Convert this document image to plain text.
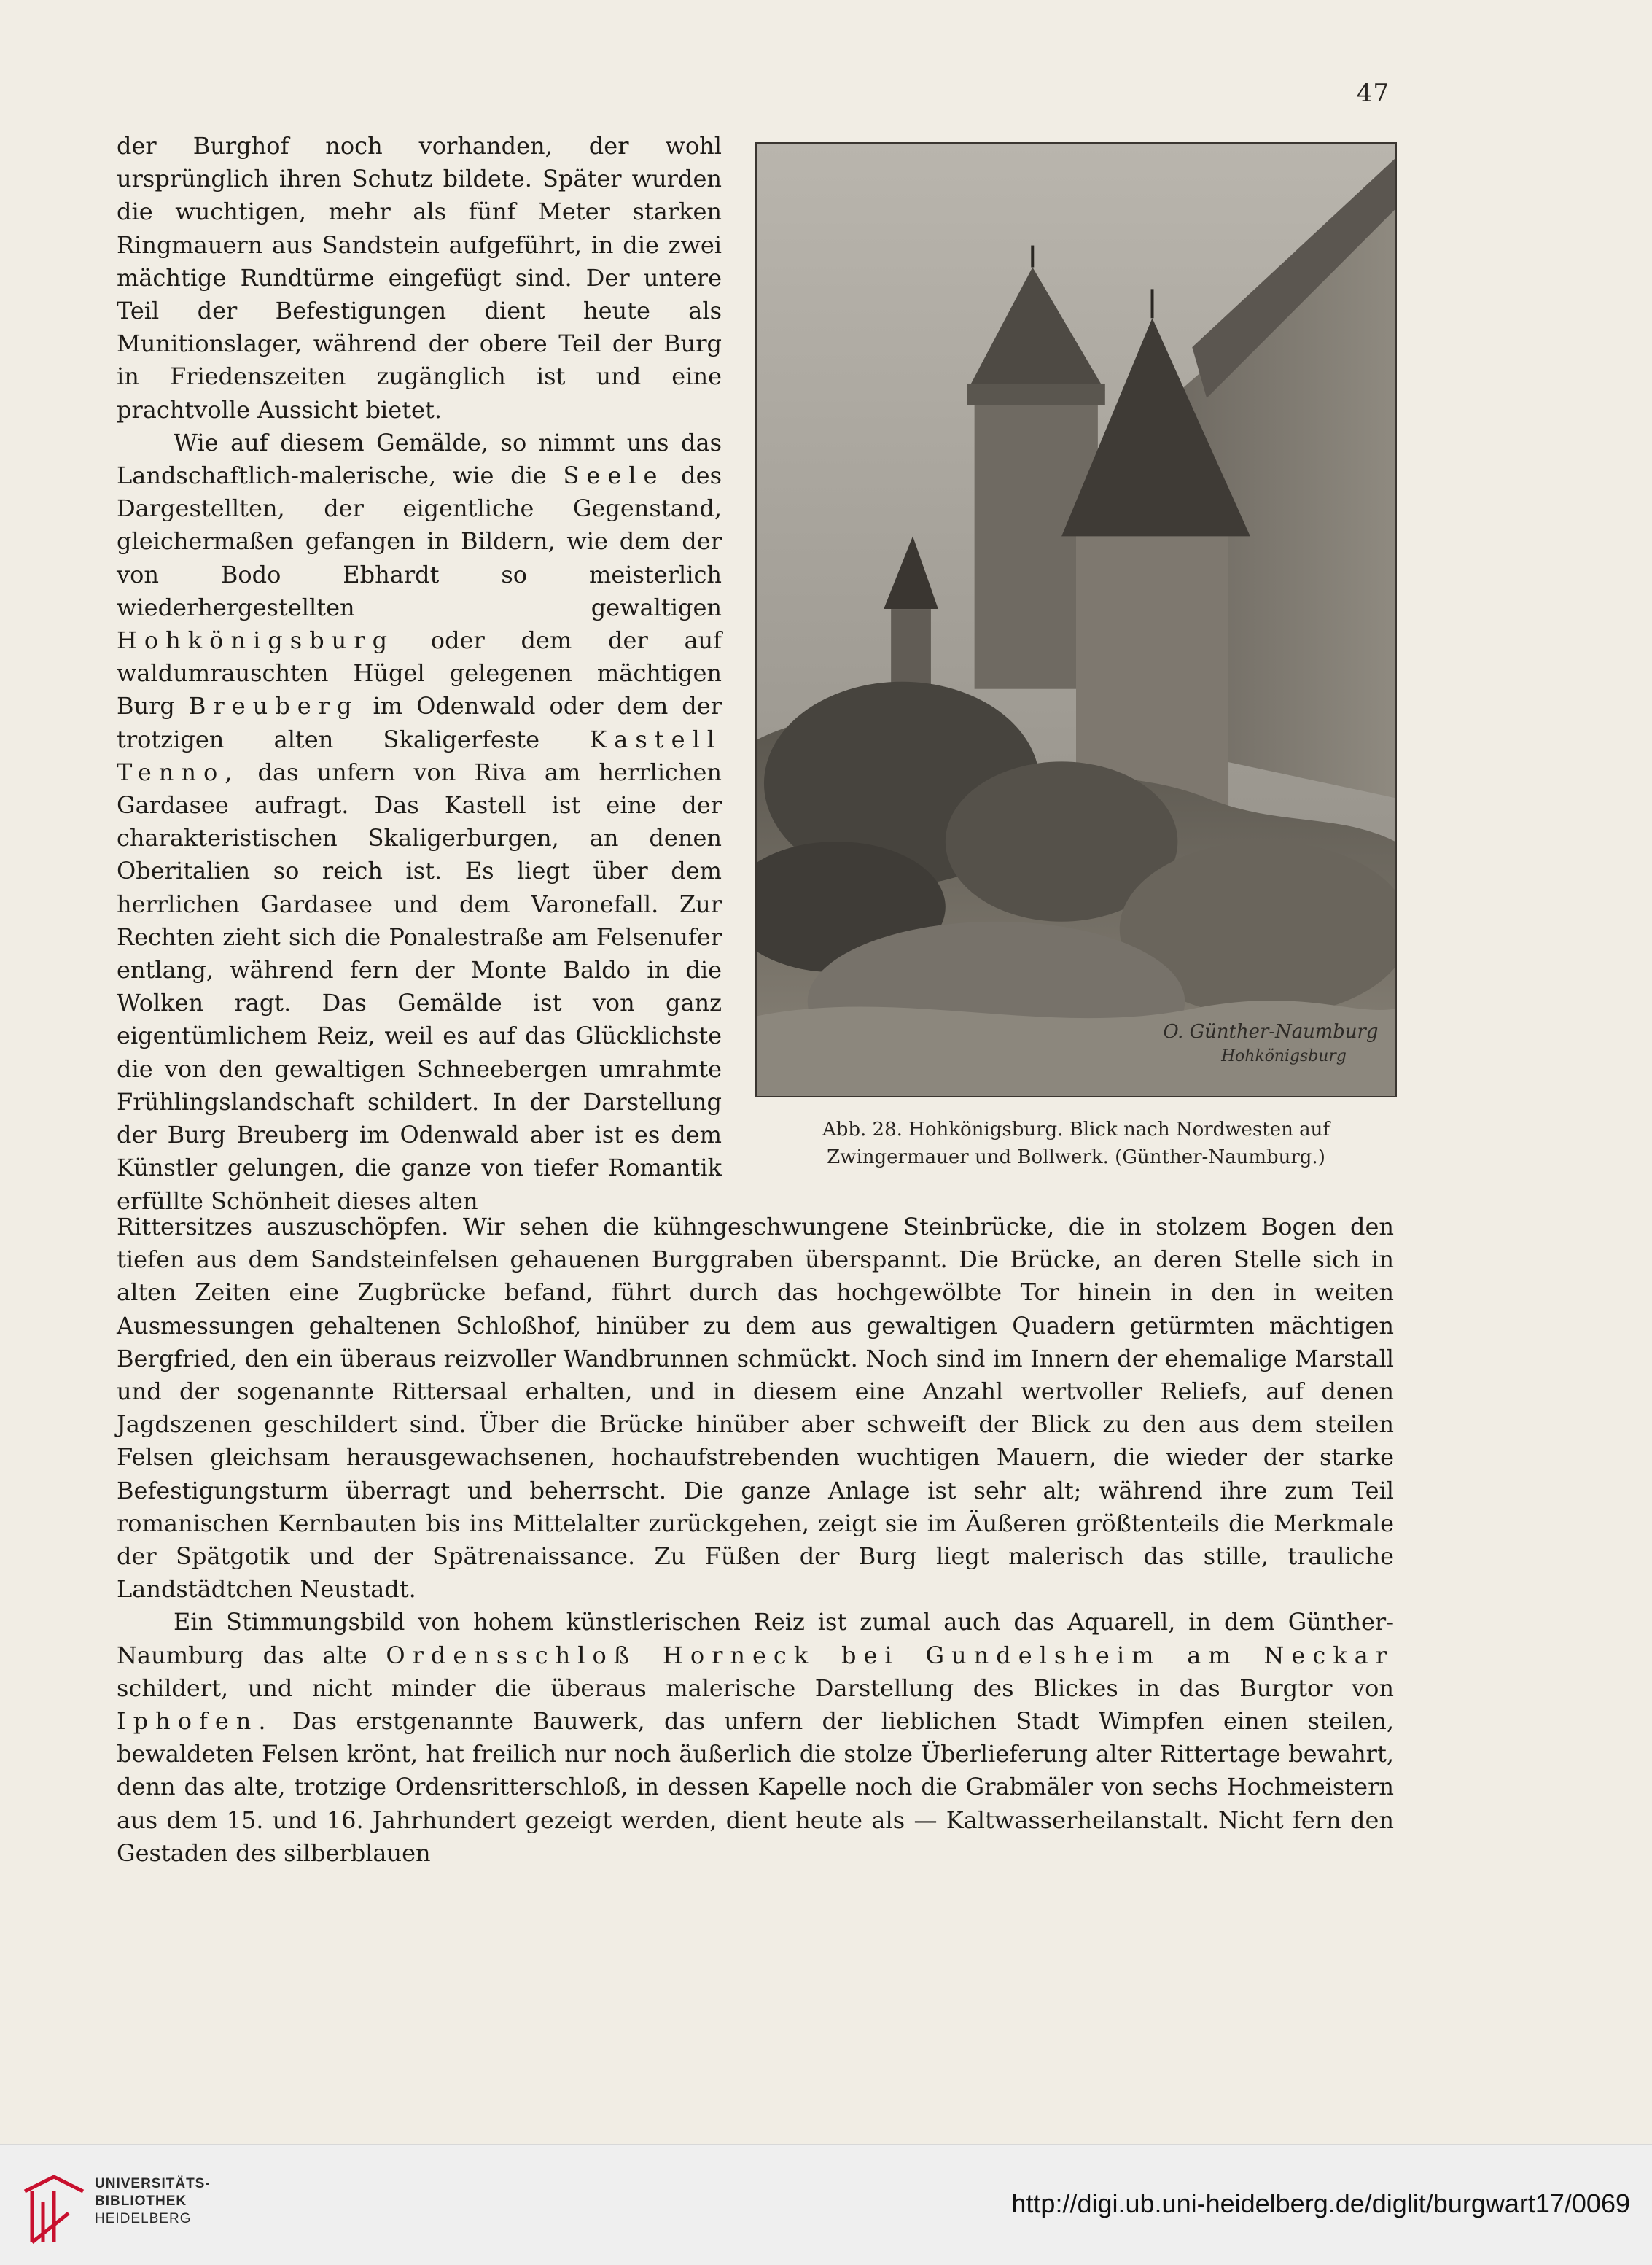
47

der Burghof noch vorhanden, der wohl ursprünglich ihren Schutz bildete. Später wurden die wuchtigen, mehr als fünf Meter starken Ringmauern aus Sandstein aufgeführt, in die zwei mächtige Rundtürme eingefügt sind. Der untere Teil der Befestigungen dient heute als Munitionslager, während der obere Teil der Burg in Friedenszeiten zugänglich ist und eine prachtvolle Aussicht bietet.

Wie auf diesem Gemälde, so nimmt uns das Landschaftlich-malerische, wie die Seele des Dargestellten, der eigentliche Gegenstand, gleichermaßen gefangen in Bildern, wie dem der von Bodo Ebhardt so meisterlich wiederhergestellten gewaltigen Hohkönigsburg oder dem der auf waldumrauschten Hügel gelegenen mächtigen Burg Breuberg im Odenwald oder dem der trotzigen alten Skaligerfeste Kastell Tenno, das unfern von Riva am herrlichen Gardasee aufragt. Das Kastell ist eine der charakteristischen Skaligerburgen, an denen Oberitalien so reich ist. Es liegt über dem herrlichen Gardasee und dem Varonefall. Zur Rechten zieht sich die Ponalestraße am Felsenufer entlang, während fern der Monte Baldo in die Wolken ragt. Das Gemälde ist von ganz eigentümlichem Reiz, weil es auf das Glücklichste die von den gewaltigen Schneebergen umrahmte Frühlingslandschaft schildert. In der Darstellung der Burg Breuberg im Odenwald aber ist es dem Künstler gelungen, die ganze von tiefer Romantik erfüllte Schönheit dieses alten

O. Günther-Naumburg
Hohkönigsburg
Abb. 28. Hohkönigsburg. Blick nach Nordwesten auf
Zwingermauer und Bollwerk. (Günther-Naumburg.)

Rittersitzes auszuschöpfen. Wir sehen die kühngeschwungene Steinbrücke, die in stolzem Bogen den tiefen aus dem Sandsteinfelsen gehauenen Burggraben überspannt. Die Brücke, an deren Stelle sich in alten Zeiten eine Zugbrücke befand, führt durch das hochgewölbte Tor hinein in den in weiten Ausmessungen gehaltenen Schloßhof, hinüber zu dem aus gewaltigen Quadern getürmten mächtigen Bergfried, den ein überaus reizvoller Wandbrunnen schmückt. Noch sind im Innern der ehemalige Marstall und der sogenannte Rittersaal erhalten, und in diesem eine Anzahl wertvoller Reliefs, auf denen Jagdszenen geschildert sind. Über die Brücke hinüber aber schweift der Blick zu den aus dem steilen Felsen gleichsam herausgewachsenen, hochaufstrebenden wuchtigen Mauern, die wieder der starke Befestigungsturm überragt und beherrscht. Die ganze Anlage ist sehr alt; während ihre zum Teil romanischen Kernbauten bis ins Mittelalter zurückgehen, zeigt sie im Äußeren größtenteils die Merkmale der Spätgotik und der Spätrenaissance. Zu Füßen der Burg liegt malerisch das stille, trauliche Landstädtchen Neustadt.

Ein Stimmungsbild von hohem künstlerischen Reiz ist zumal auch das Aquarell, in dem Günther-Naumburg das alte Ordensschloß Horneck bei Gundelsheim am Neckar schildert, und nicht minder die überaus malerische Darstellung des Blickes in das Burgtor von Iphofen. Das erstgenannte Bauwerk, das unfern der lieblichen Stadt Wimpfen einen steilen, bewaldeten Felsen krönt, hat freilich nur noch äußerlich die stolze Überlieferung alter Rittertage bewahrt, denn das alte, trotzige Ordensritterschloß, in dessen Kapelle noch die Grabmäler von sechs Hochmeistern aus dem 15. und 16. Jahrhundert gezeigt werden, dient heute als — Kaltwasserheilanstalt. Nicht fern den Gestaden des silberblauen

UNIVERSITÄTS-
BIBLIOTHEK
HEIDELBERG
http://digi.ub.uni-heidelberg.de/diglit/burgwart17/0069
